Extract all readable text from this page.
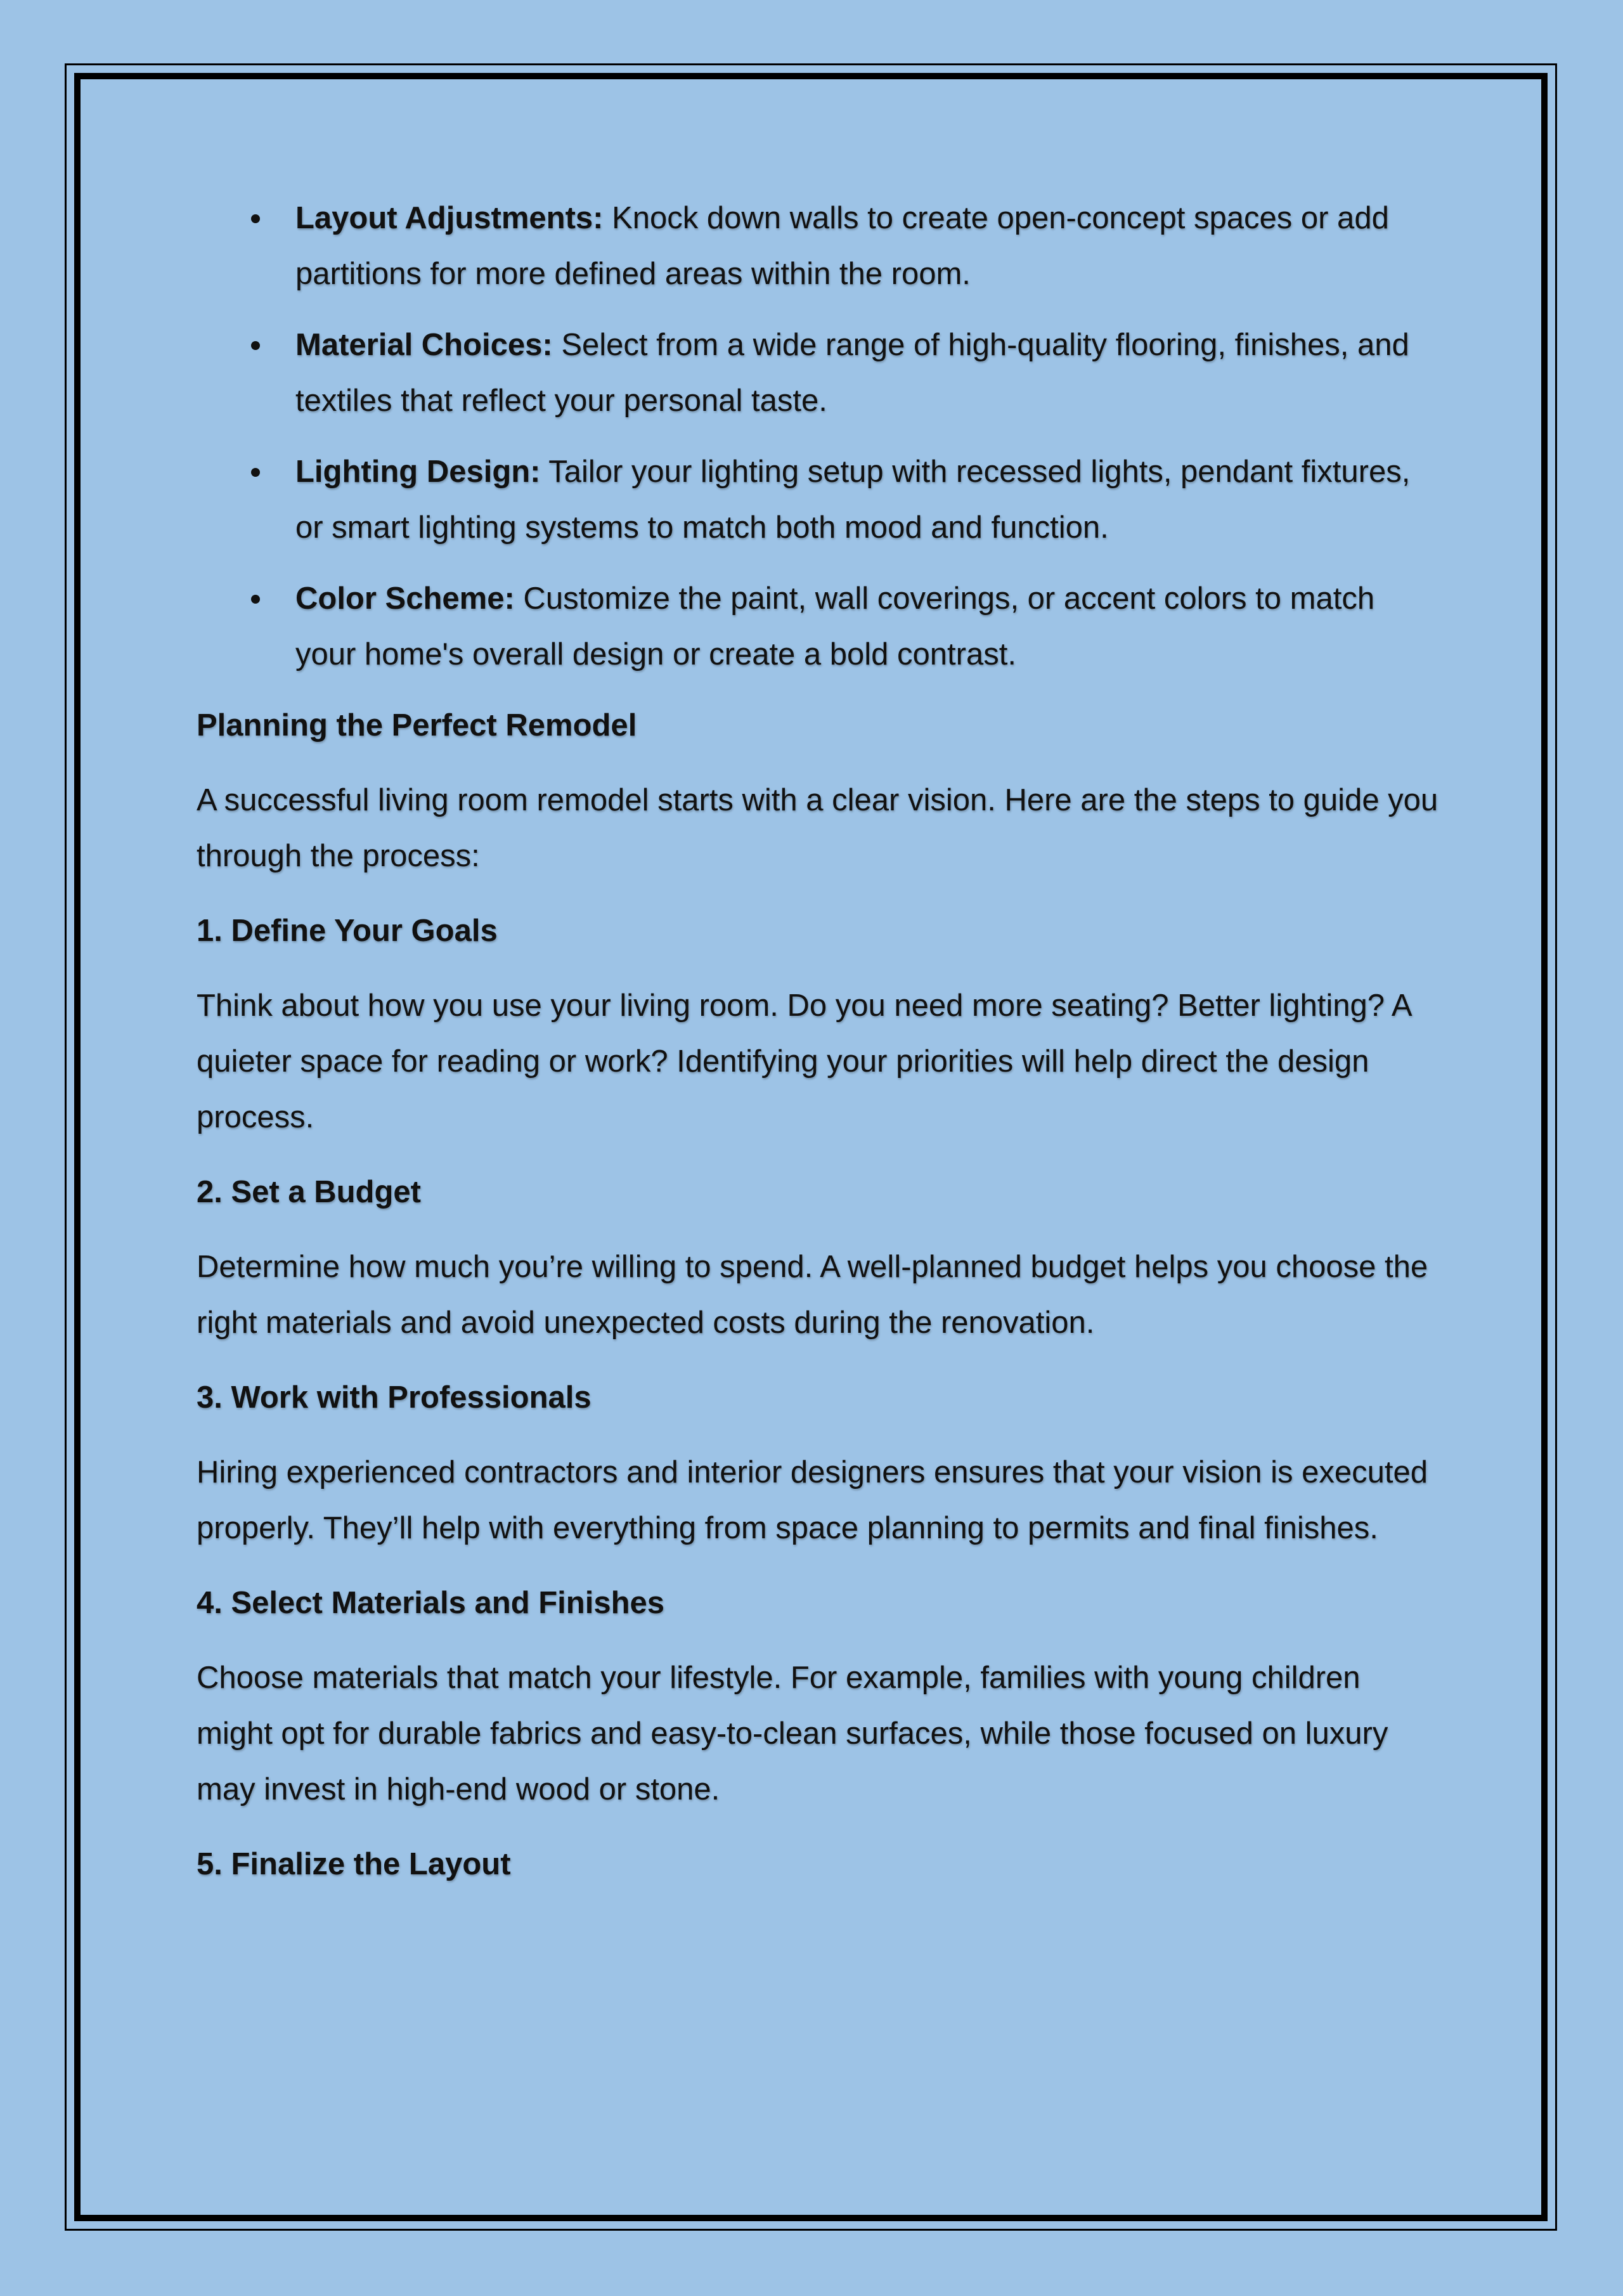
Layout Adjustments: Knock down walls to create open-concept spaces or add partitions for more defined areas within the room.
Material Choices: Select from a wide range of high-quality flooring, finishes, and textiles that reflect your personal taste.
Lighting Design: Tailor your lighting setup with recessed lights, pendant fixtures, or smart lighting systems to match both mood and function.
Color Scheme: Customize the paint, wall coverings, or accent colors to match your home's overall design or create a bold contrast.
Planning the Perfect Remodel

A successful living room remodel starts with a clear vision. Here are the steps to guide you through the process:

1. Define Your Goals

Think about how you use your living room. Do you need more seating? Better lighting? A quieter space for reading or work? Identifying your priorities will help direct the design process.

2. Set a Budget

Determine how much you’re willing to spend. A well-planned budget helps you choose the right materials and avoid unexpected costs during the renovation.

3. Work with Professionals

Hiring experienced contractors and interior designers ensures that your vision is executed properly. They’ll help with everything from space planning to permits and final finishes.

4. Select Materials and Finishes

Choose materials that match your lifestyle. For example, families with young children might opt for durable fabrics and easy-to-clean surfaces, while those focused on luxury may invest in high-end wood or stone.

5. Finalize the Layout
